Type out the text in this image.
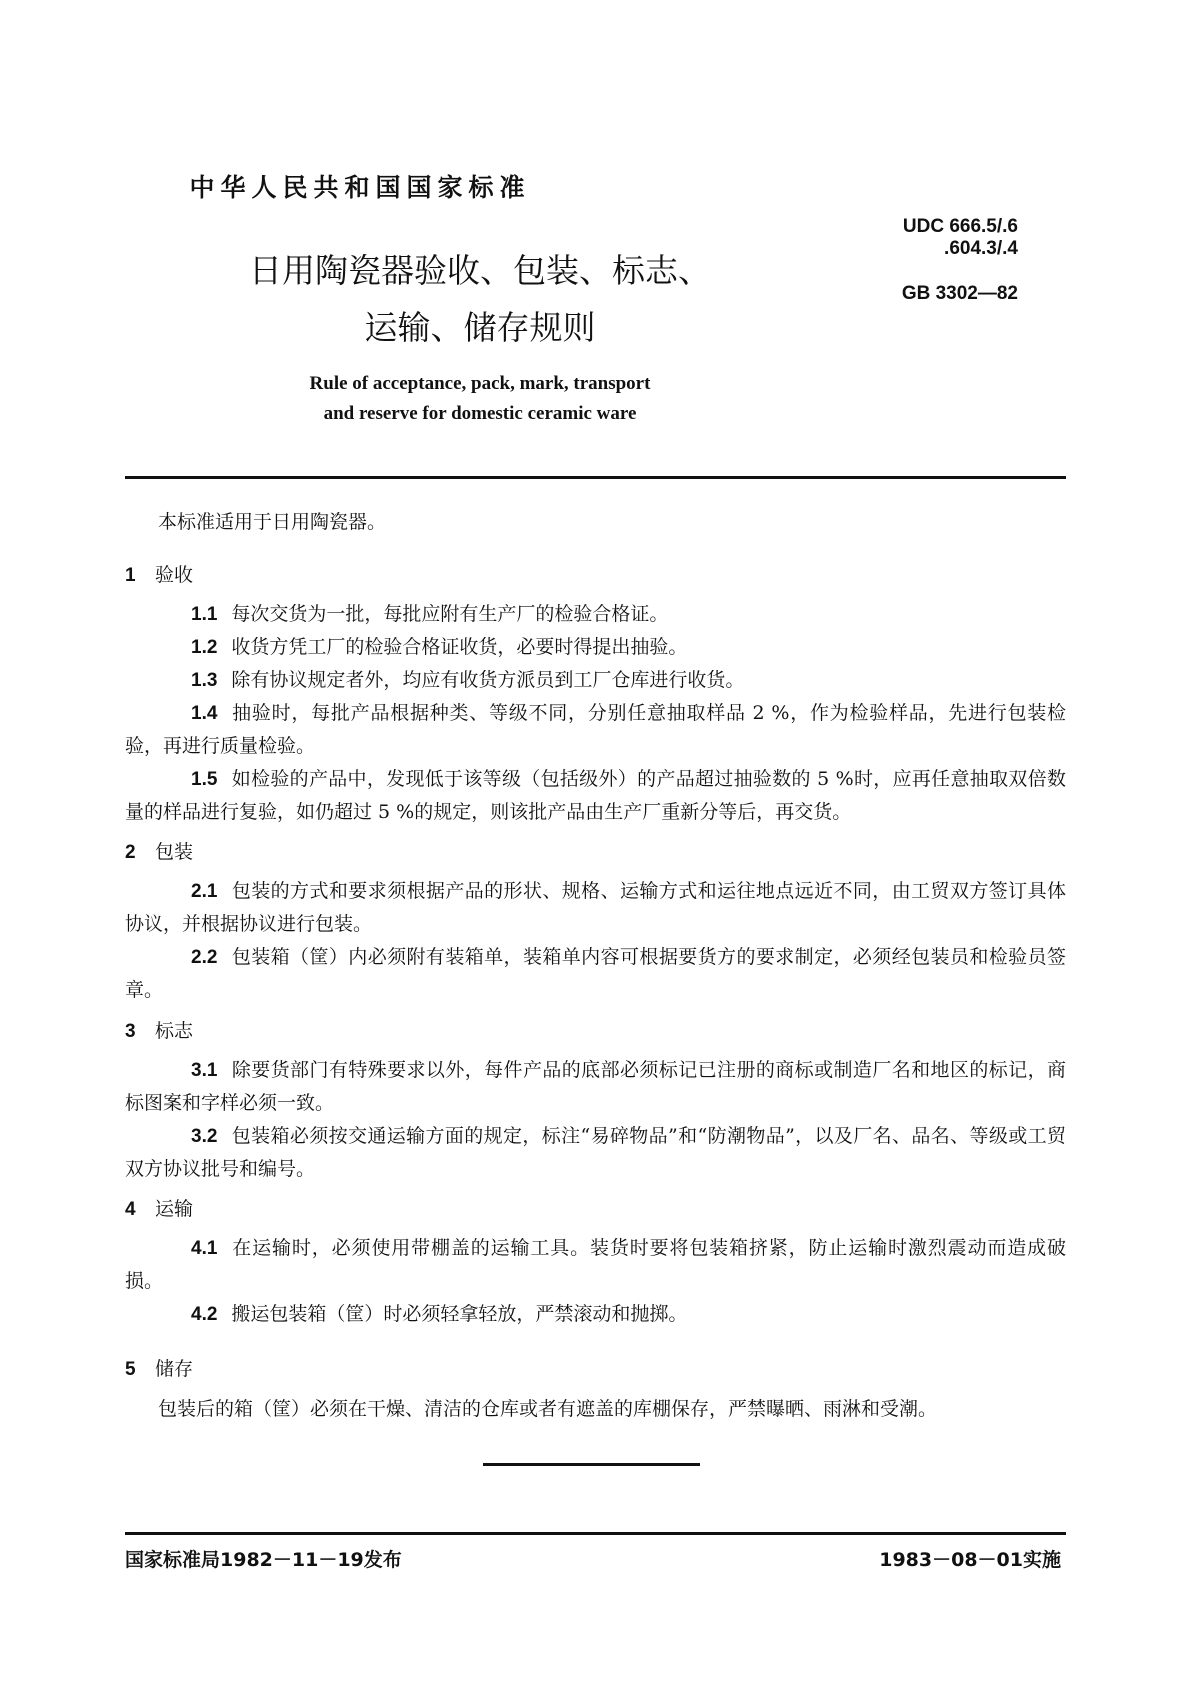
中华人民共和国国家标准
UDC 666.5/.6
.604.3/.4
GB 3302—82
日用陶瓷器验收、包装、标志、
运输、储存规则
Rule of acceptance, pack, mark, transport
and reserve for domestic ceramic ware
本标准适用于日用陶瓷器。
1 验收
1.1 每次交货为一批，每批应附有生产厂的检验合格证。
1.2 收货方凭工厂的检验合格证收货，必要时得提出抽验。
1.3 除有协议规定者外，均应有收货方派员到工厂仓库进行收货。
1.4 抽验时，每批产品根据种类、等级不同，分别任意抽取样品 2 %，作为检验样品，先进行包装检验，再进行质量检验。
1.5 如检验的产品中，发现低于该等级（包括级外）的产品超过抽验数的 5 %时，应再任意抽取双倍数量的样品进行复验，如仍超过 5 %的规定，则该批产品由生产厂重新分等后，再交货。
2 包装
2.1 包装的方式和要求须根据产品的形状、规格、运输方式和运往地点远近不同，由工贸双方签订具体协议，并根据协议进行包装。
2.2 包装箱（筐）内必须附有装箱单，装箱单内容可根据要货方的要求制定，必须经包装员和检验员签章。
3 标志
3.1 除要货部门有特殊要求以外，每件产品的底部必须标记已注册的商标或制造厂名和地区的标记，商标图案和字样必须一致。
3.2 包装箱必须按交通运输方面的规定，标注“易碎物品”和“防潮物品”，以及厂名、品名、等级或工贸双方协议批号和编号。
4 运输
4.1 在运输时，必须使用带棚盖的运输工具。装货时要将包装箱挤紧，防止运输时激烈震动而造成破损。
4.2 搬运包装箱（筐）时必须轻拿轻放，严禁滚动和抛掷。
5 储存
包装后的箱（筐）必须在干燥、清洁的仓库或者有遮盖的库棚保存，严禁曝晒、雨淋和受潮。
国家标准局1982－11－19发布	1983－08－01实施
